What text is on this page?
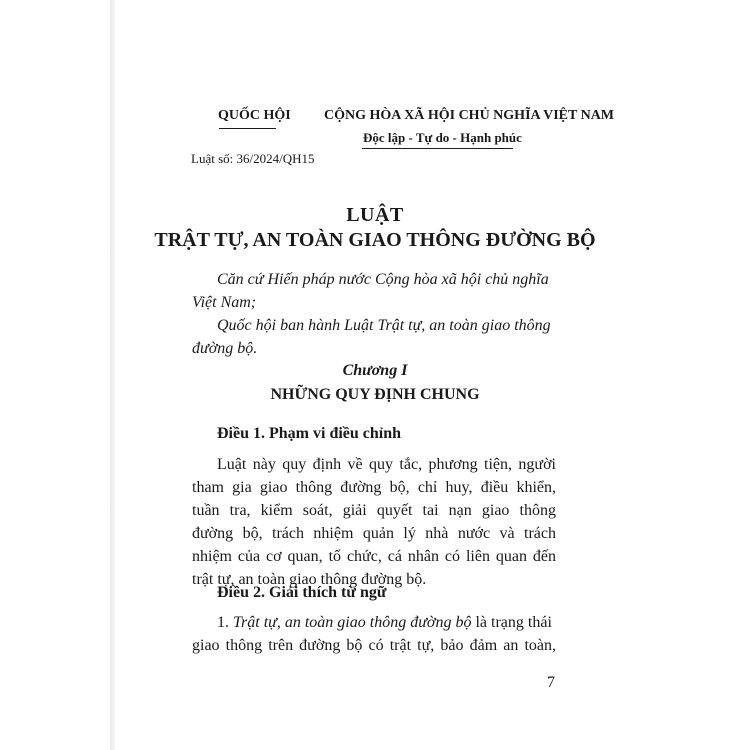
QUỐC HỘI CỘNG HÒA XÃ HỘI CHỦ NGHĨA VIỆT NAM
Độc lập - Tự do - Hạnh phúc
Luật số: 36/2024/QH15
LUẬT
TRẬT TỰ, AN TOÀN GIAO THÔNG ĐƯỜNG BỘ
Căn cứ Hiến pháp nước Cộng hòa xã hội chủ nghĩa
Việt Nam;
Quốc hội ban hành Luật Trật tự, an toàn giao thông
đường bộ.
Chương I
NHỮNG QUY ĐỊNH CHUNG
Điều 1. Phạm vi điều chỉnh
Luật này quy định về quy tắc, phương tiện, người
tham gia giao thông đường bộ, chỉ huy, điều khiển,
tuần tra, kiểm soát, giải quyết tai nạn giao thông
đường bộ, trách nhiệm quản lý nhà nước và trách
nhiệm của cơ quan, tổ chức, cá nhân có liên quan đến
trật tự, an toàn giao thông đường bộ.
Điều 2. Giải thích từ ngữ
1. Trật tự, an toàn giao thông đường bộ là trạng thái
giao thông trên đường bộ có trật tự, bảo đảm an toàn,
7
